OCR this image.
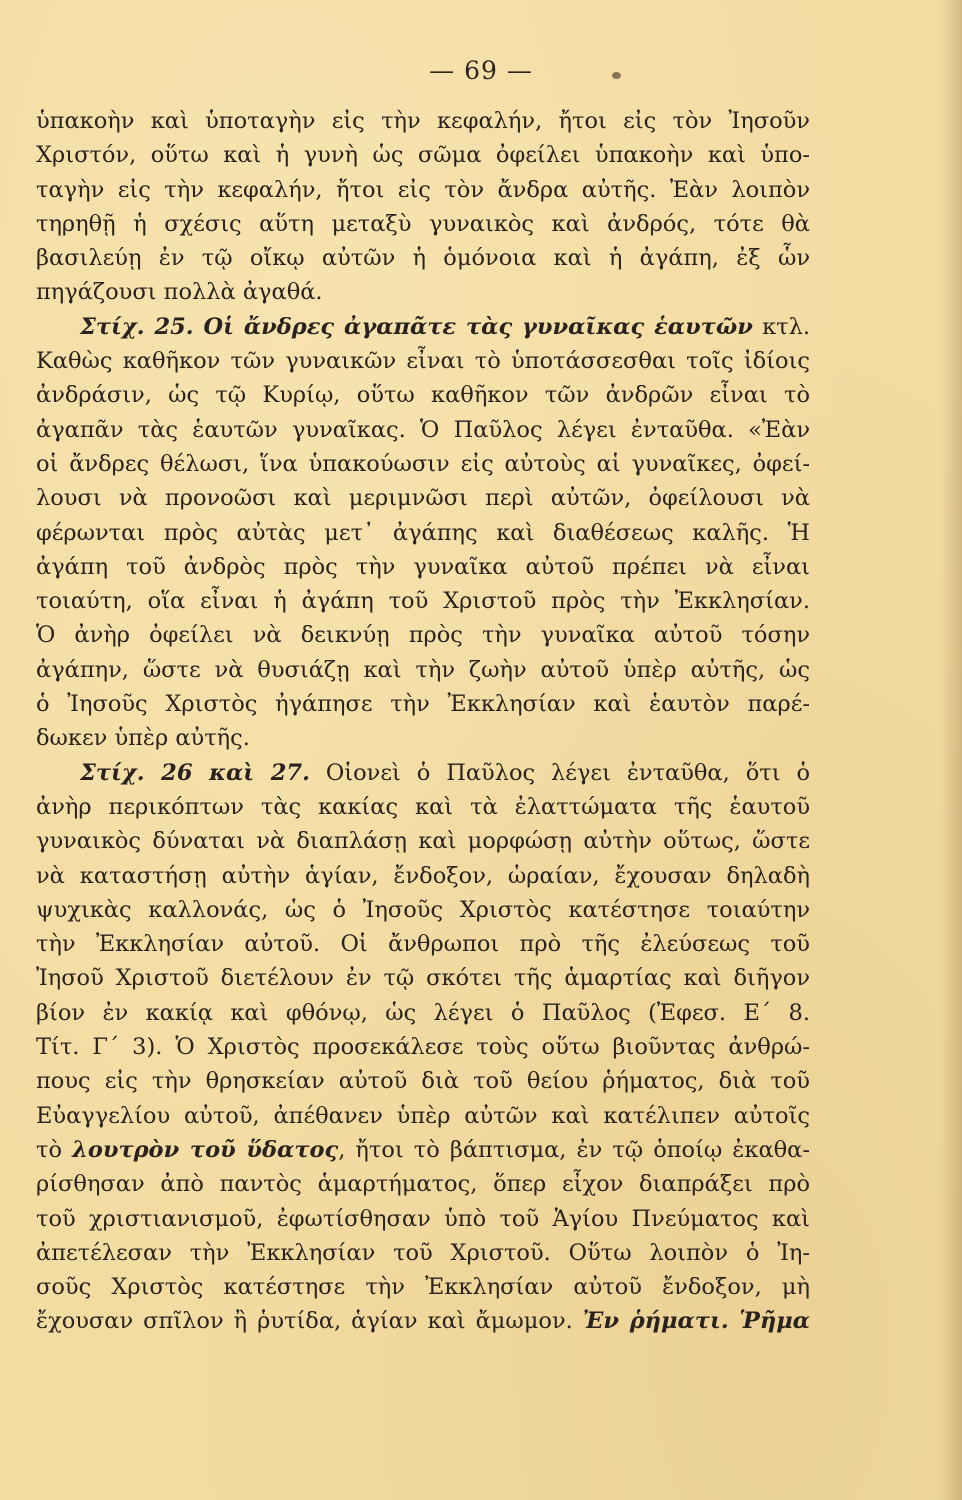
— 69 —
ὑπακοὴν καὶ ὑποταγὴν εἰς τὴν κεφαλήν, ἤτοι εἰς τὸν Ἰησοῦν
Χριστόν, οὕτω καὶ ἡ γυνὴ ὡς σῶμα ὀφείλει ὑπακοὴν καὶ ὑπο-
ταγὴν εἰς τὴν κεφαλήν, ἤτοι εἰς τὸν ἄνδρα αὐτῆς. Ἐὰν λοιπὸν
τηρηθῇ ἡ σχέσις αὕτη μεταξὺ γυναικὸς καὶ ἀνδρός, τότε θὰ
βασιλεύῃ ἐν τῷ οἴκῳ αὐτῶν ἡ ὁμόνοια καὶ ἡ ἀγάπη, ἐξ ὧν
πηγάζουσι πολλὰ ἀγαθά.
Στίχ. 25. Οἱ ἄνδρες ἀγαπᾶτε τὰς γυναῖκας ἑαυτῶν κτλ.
Καθὼς καθῆκον τῶν γυναικῶν εἶναι τὸ ὑποτάσσεσθαι τοῖς ἰδίοις
ἀνδράσιν, ὡς τῷ Κυρίῳ, οὕτω καθῆκον τῶν ἀνδρῶν εἶναι τὸ
ἀγαπᾶν τὰς ἑαυτῶν γυναῖκας. Ὁ Παῦλος λέγει ἐνταῦθα. «Ἐὰν
οἱ ἄνδρες θέλωσι, ἵνα ὑπακούωσιν εἰς αὐτοὺς αἱ γυναῖκες, ὀφεί-
λουσι νὰ προνοῶσι καὶ μεριμνῶσι περὶ αὐτῶν, ὀφείλουσι νὰ
φέρωνται πρὸς αὐτὰς μετ᾿ ἀγάπης καὶ διαθέσεως καλῆς. Ἡ
ἀγάπη τοῦ ἀνδρὸς πρὸς τὴν γυναῖκα αὐτοῦ πρέπει νὰ εἶναι
τοιαύτη, οἵα εἶναι ἡ ἀγάπη τοῦ Χριστοῦ πρὸς τὴν Ἐκκλησίαν.
Ὁ ἀνὴρ ὀφείλει νὰ δεικνύῃ πρὸς τὴν γυναῖκα αὐτοῦ τόσην
ἀγάπην, ὥστε νὰ θυσιάζῃ καὶ τὴν ζωὴν αὐτοῦ ὑπὲρ αὐτῆς, ὡς
ὁ Ἰησοῦς Χριστὸς ἠγάπησε τὴν Ἐκκλησίαν καὶ ἑαυτὸν παρέ-
δωκεν ὑπὲρ αὐτῆς.
Στίχ. 26 καὶ 27. Οἱονεὶ ὁ Παῦλος λέγει ἐνταῦθα, ὅτι ὁ
ἀνὴρ περικόπτων τὰς κακίας καὶ τὰ ἐλαττώματα τῆς ἑαυτοῦ
γυναικὸς δύναται νὰ διαπλάσῃ καὶ μορφώσῃ αὐτὴν οὕτως, ὥστε
νὰ καταστήσῃ αὐτὴν ἁγίαν, ἔνδοξον, ὡραίαν, ἔχουσαν δηλαδὴ
ψυχικὰς καλλονάς, ὡς ὁ Ἰησοῦς Χριστὸς κατέστησε τοιαύτην
τὴν Ἐκκλησίαν αὐτοῦ. Οἱ ἄνθρωποι πρὸ τῆς ἐλεύσεως τοῦ
Ἰησοῦ Χριστοῦ διετέλουν ἐν τῷ σκότει τῆς ἁμαρτίας καὶ διῆγον
βίον ἐν κακίᾳ καὶ φθόνῳ, ὡς λέγει ὁ Παῦλος (Ἐφεσ. Ε΄ 8.
Τίτ. Γ΄ 3). Ὁ Χριστὸς προσεκάλεσε τοὺς οὕτω βιοῦντας ἀνθρώ-
πους εἰς τὴν θρησκείαν αὐτοῦ διὰ τοῦ θείου ῥήματος, διὰ τοῦ
Εὐαγγελίου αὐτοῦ, ἀπέθανεν ὑπὲρ αὐτῶν καὶ κατέλιπεν αὐτοῖς
τὸ λουτρὸν τοῦ ὕδατος, ἤτοι τὸ βάπτισμα, ἐν τῷ ὁποίῳ ἐκαθα-
ρίσθησαν ἀπὸ παντὸς ἁμαρτήματος, ὅπερ εἶχον διαπράξει πρὸ
τοῦ χριστιανισμοῦ, ἐφωτίσθησαν ὑπὸ τοῦ Ἁγίου Πνεύματος καὶ
ἀπετέλεσαν τὴν Ἐκκλησίαν τοῦ Χριστοῦ. Οὕτω λοιπὸν ὁ Ἰη-
σοῦς Χριστὸς κατέστησε τὴν Ἐκκλησίαν αὐτοῦ ἔνδοξον, μὴ
ἔχουσαν σπῖλον ἢ ῥυτίδα, ἁγίαν καὶ ἄμωμον. Ἐν ῥήματι. Ῥῆμα
